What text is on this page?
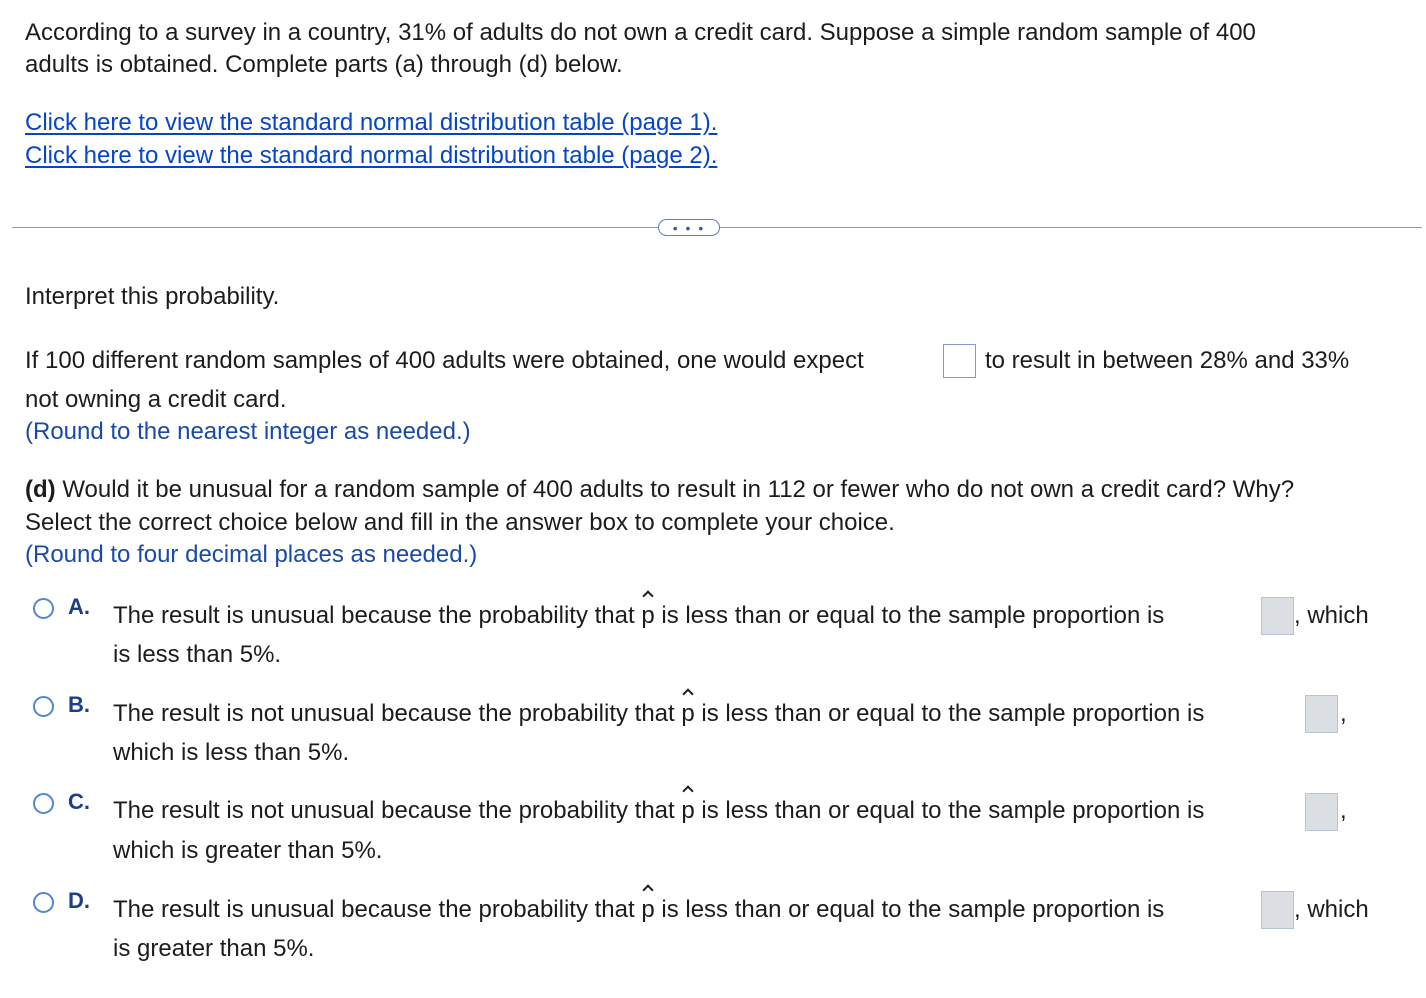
According to a survey in a country, 31% of adults do not own a credit card. Suppose a simple random sample of 400
adults is obtained. Complete parts (a) through (d) below.
Click here to view the standard normal distribution table (page 1).
Click here to view the standard normal distribution table (page 2).
• • •
Interpret this probability.
If 100 different random samples of 400 adults were obtained, one would expect	to result in between 28% and 33%
not owning a credit card.
(Round to the nearest integer as needed.)
(d) Would it be unusual for a random sample of 400 adults to result in 112 or fewer who do not own a credit card? Why?
Select the correct choice below and fill in the answer box to complete your choice.
(Round to four decimal places as needed.)
A. The result is unusual because the probability that p is less than or equal to the sample proportion is	, which
is less than 5%.
B. The result is not unusual because the probability that p is less than or equal to the sample proportion is	,
which is less than 5%.
C. The result is not unusual because the probability that p is less than or equal to the sample proportion is	,
which is greater than 5%.
D. The result is unusual because the probability that p is less than or equal to the sample proportion is	, which
is greater than 5%.
